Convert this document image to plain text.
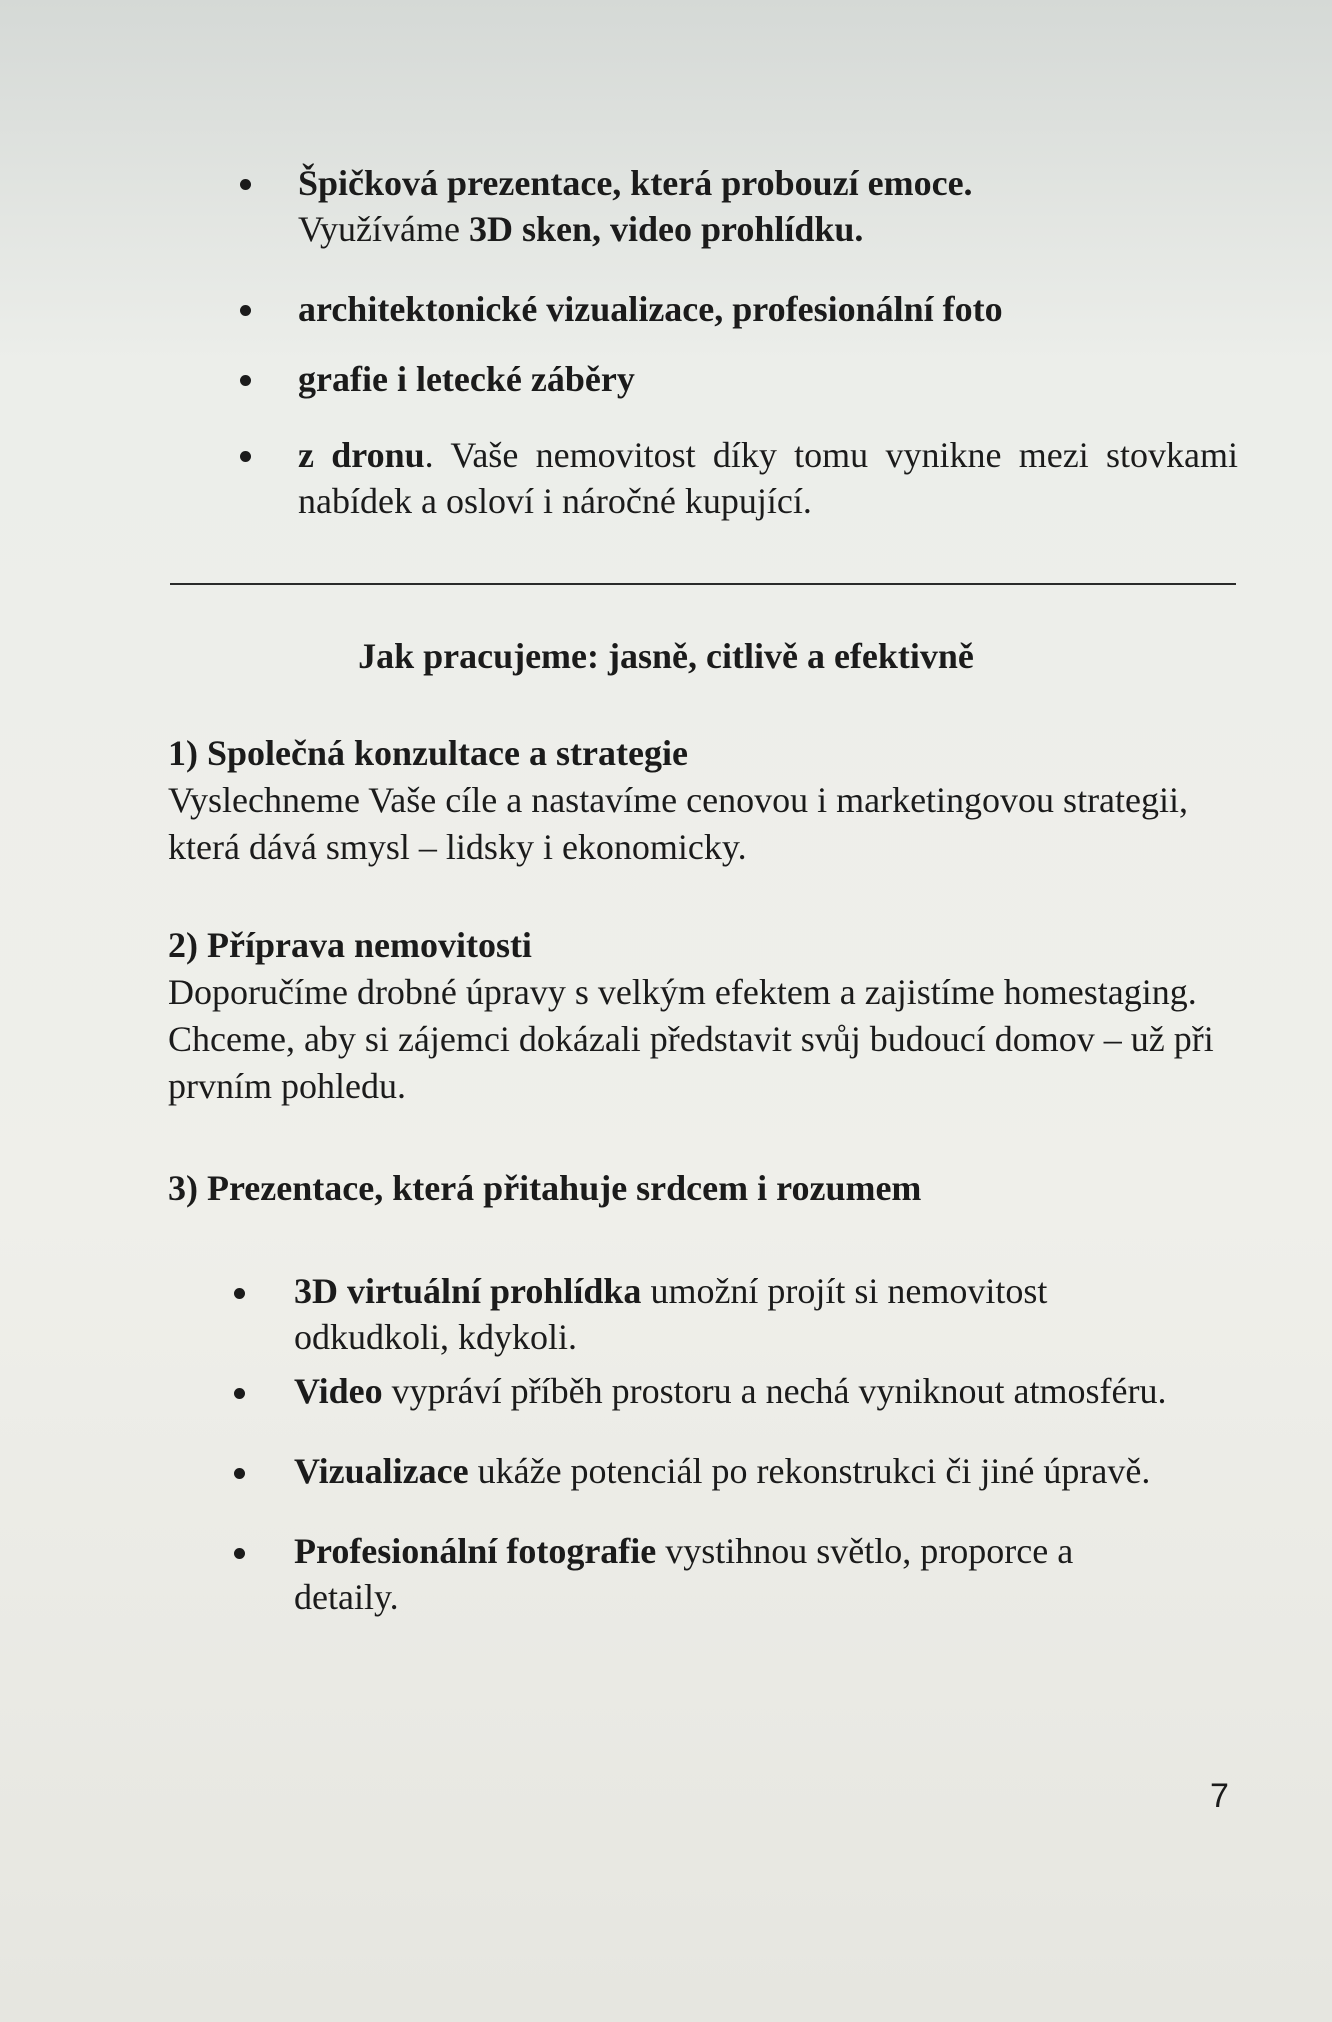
Špičková prezentace, která probouzí emoce.
Využíváme 3D sken, video prohlídku.
architektonické vizualizace, profesionální foto
grafie i letecké záběry
z dronu. Vaše nemovitost díky tomu vynikne mezi stovkami nabídek a osloví i náročné kupující.
Jak pracujeme: jasně, citlivě a efektivně
1) Společná konzultace a strategie
Vyslechneme Vaše cíle a nastavíme cenovou i marketingovou strategii, která dává smysl – lidsky i ekonomicky.
2) Příprava nemovitosti
Doporučíme drobné úpravy s velkým efektem a zajistíme homestaging. Chceme, aby si zájemci dokázali představit svůj budoucí domov – už při prvním pohledu.
3) Prezentace, která přitahuje srdcem i rozumem
3D virtuální prohlídka umožní projít si nemovitost odkudkoli, kdykoli.
Video vypráví příběh prostoru a nechá vyniknout atmosféru.
Vizualizace ukáže potenciál po rekonstrukci či jiné úpravě.
Profesionální fotografie vystihnou světlo, proporce a detaily.
7
